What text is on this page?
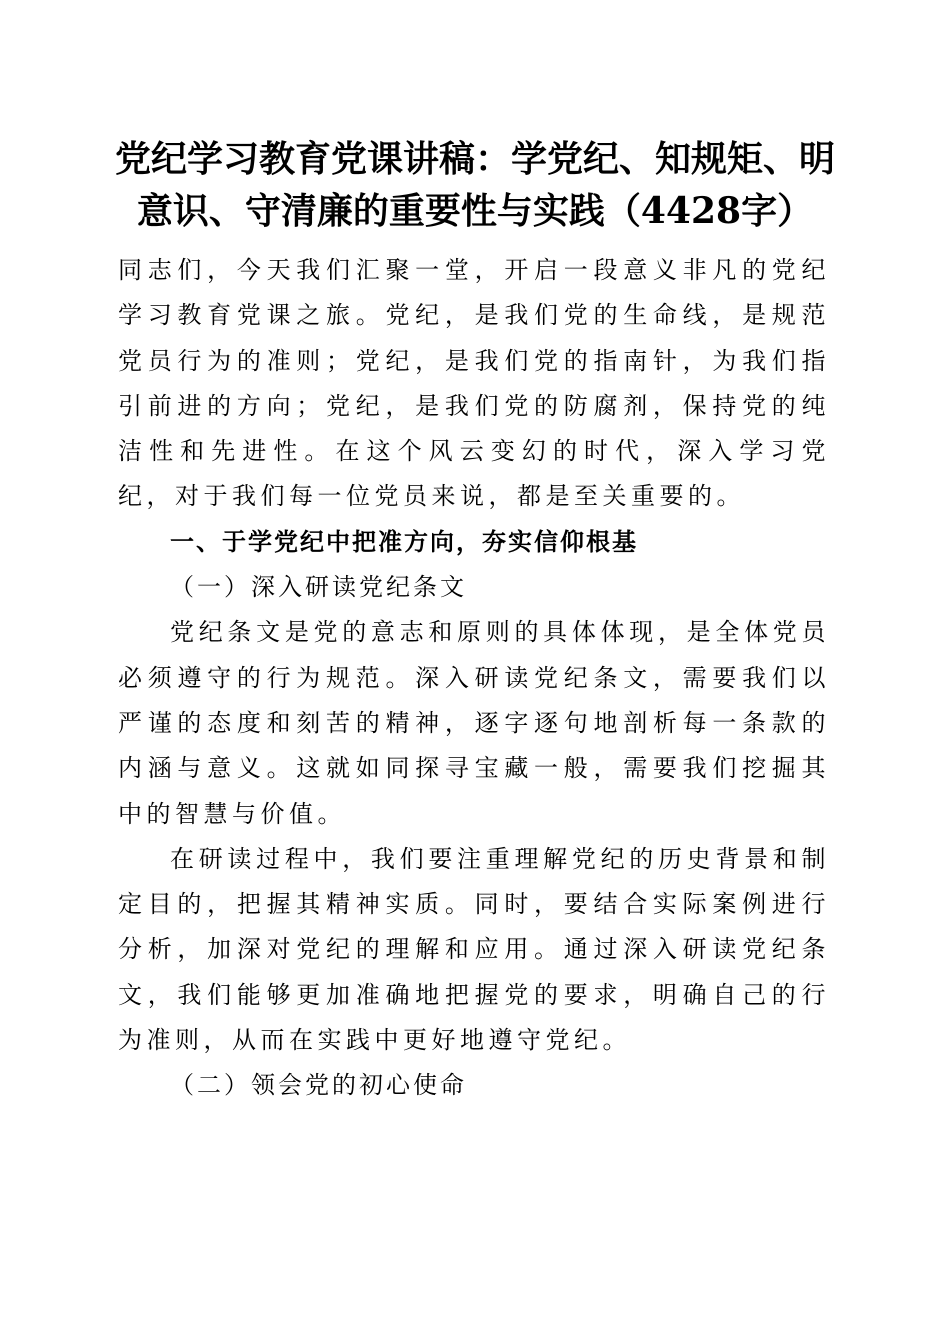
党纪学习教育党课讲稿：学党纪、知规矩、明
意识、守清廉的重要性与实践（4428字）

同志们，今天我们汇聚一堂，开启一段意义非凡的党纪学习教育党课之旅。党纪，是我们党的生命线，是规范党员行为的准则；党纪，是我们党的指南针，为我们指引前进的方向；党纪，是我们党的防腐剂，保持党的纯洁性和先进性。在这个风云变幻的时代，深入学习党纪，对于我们每一位党员来说，都是至关重要的。

一、于学党纪中把准方向，夯实信仰根基

（一）深入研读党纪条文

党纪条文是党的意志和原则的具体体现，是全体党员必须遵守的行为规范。深入研读党纪条文，需要我们以严谨的态度和刻苦的精神，逐字逐句地剖析每一条款的内涵与意义。这就如同探寻宝藏一般，需要我们挖掘其中的智慧与价值。

在研读过程中，我们要注重理解党纪的历史背景和制定目的，把握其精神实质。同时，要结合实际案例进行分析，加深对党纪的理解和应用。通过深入研读党纪条文，我们能够更加准确地把握党的要求，明确自己的行为准则，从而在实践中更好地遵守党纪。

（二）领会党的初心使命
